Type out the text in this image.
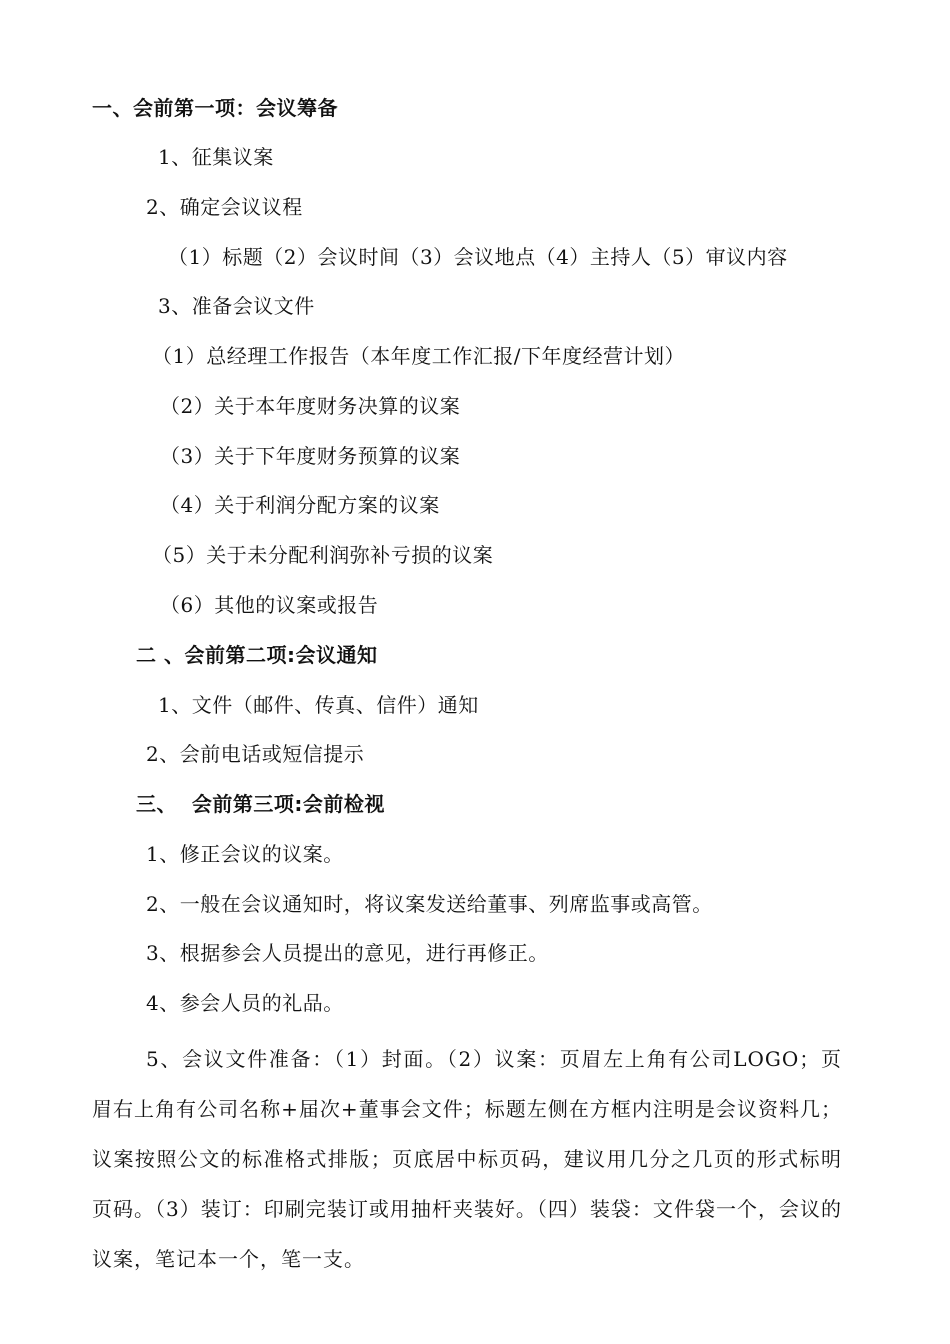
一、会前第一项：会议筹备
1、征集议案
2、确定会议议程
（1）标题（2）会议时间（3）会议地点（4）主持人（5）审议内容
3、准备会议文件
（1）总经理工作报告（本年度工作汇报/下年度经营计划）
（2）关于本年度财务决算的议案
（3）关于下年度财务预算的议案
（4）关于利润分配方案的议案
（5）关于未分配利润弥补亏损的议案
（6）其他的议案或报告
二 、会前第二项:会议通知
1、文件（邮件、传真、信件）通知
2、会前电话或短信提示
三、  会前第三项:会前检视
1、修正会议的议案。
2、一般在会议通知时，将议案发送给董事、列席监事或高管。
3、根据参会人员提出的意见，进行再修正。
4、参会人员的礼品。
5、会议文件准备：（1）封面。（2）议案：页眉左上角有公司LOGO；页眉右上角有公司名称+届次+董事会文件；标题左侧在方框内注明是会议资料几；议案按照公文的标准格式排版；页底居中标页码，建议用几分之几页的形式标明页码。（3）装订：印刷完装订或用抽杆夹装好。（四）装袋：文件袋一个，会议的议案，笔记本一个，笔一支。
